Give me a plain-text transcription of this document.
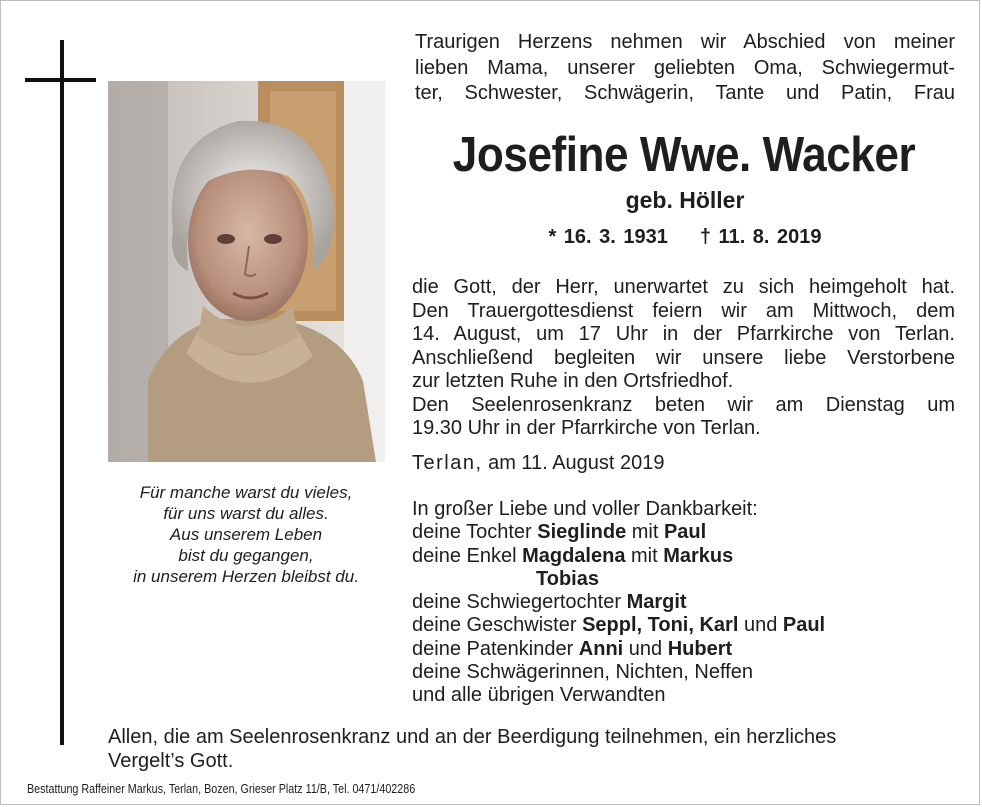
Für manche warst du vieles,
für uns warst du alles.
Aus unserem Leben
bist du gegangen,
in unserem Herzen bleibst du.
Traurigen Herzens nehmen wir Abschied von meiner
lieben Mama, unserer geliebten Oma, Schwiegermut-
ter, Schwester, Schwägerin, Tante und Patin, Frau
Josefine Wwe. Wacker
geb. Höller
* 16. 3. 1931 † 11. 8. 2019
die Gott, der Herr, unerwartet zu sich heimgeholt hat.
Den Trauergottesdienst feiern wir am Mittwoch, dem
14. August, um 17 Uhr in der Pfarrkirche von Terlan.
Anschließend begleiten wir unsere liebe Verstorbene
zur letzten Ruhe in den Ortsfriedhof.
Den Seelenrosenkranz beten wir am Dienstag um
19.30 Uhr in der Pfarrkirche von Terlan.
Terlan, am 11. August 2019
In großer Liebe und voller Dankbarkeit:
deine Tochter Sieglinde mit Paul
deine Enkel Magdalena mit Markus
Tobias
deine Schwiegertochter Margit
deine Geschwister Seppl, Toni, Karl und Paul
deine Patenkinder Anni und Hubert
deine Schwägerinnen, Nichten, Neffen
und alle übrigen Verwandten
Allen, die am Seelenrosenkranz und an der Beerdigung teilnehmen, ein herzliches
Vergelt’s Gott.
Bestattung Raffeiner Markus, Terlan, Bozen, Grieser Platz 11/B, Tel. 0471/402286
